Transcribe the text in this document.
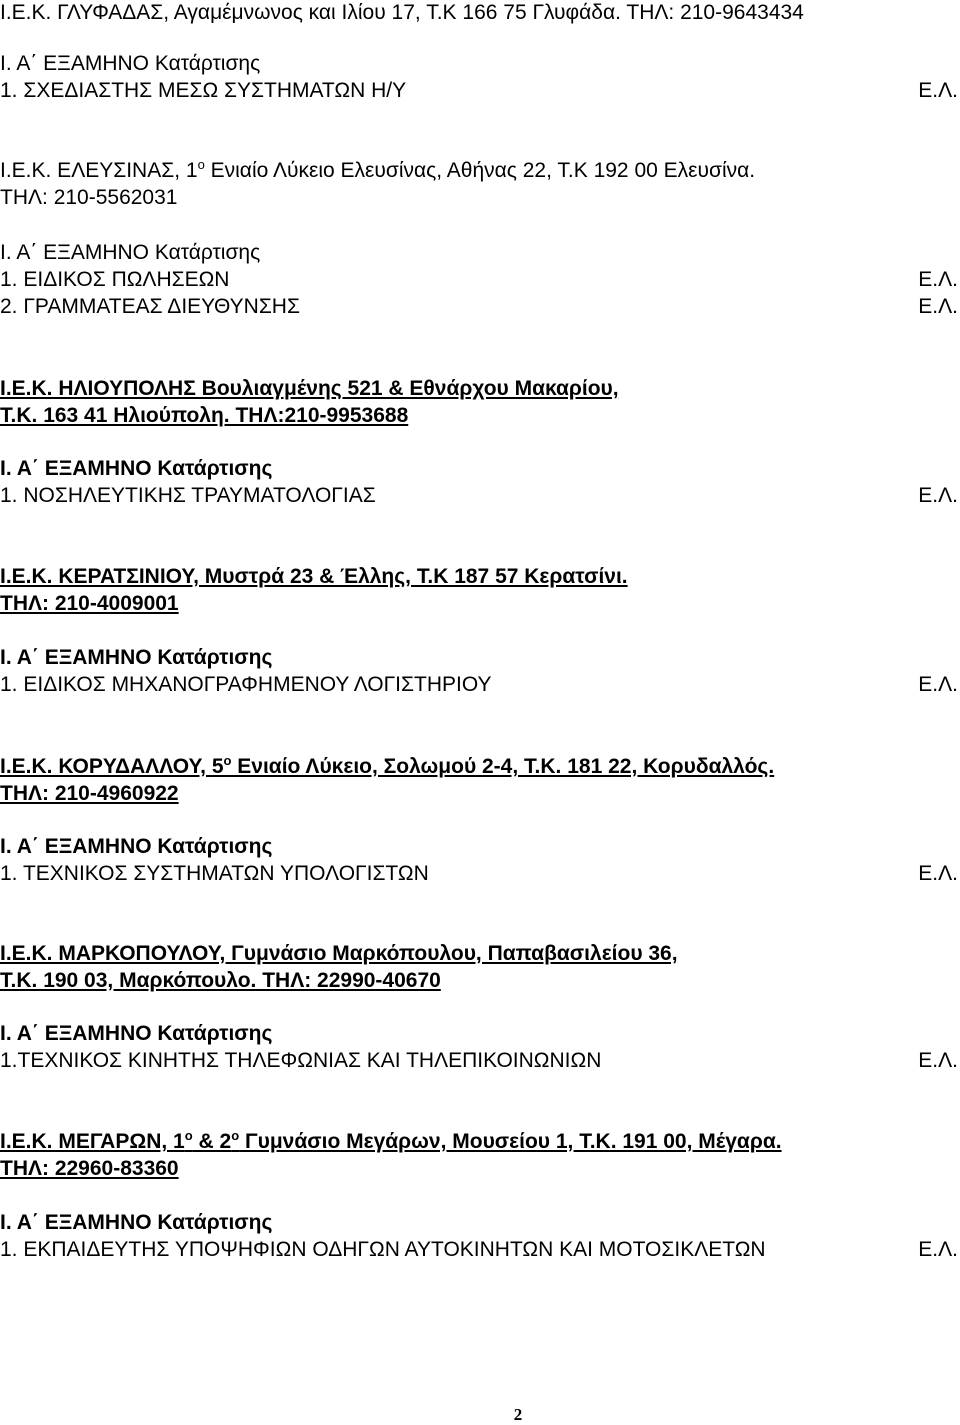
Ι.Ε.Κ. ΓΛΥΦΑΔΑΣ, Αγαμέμνωνος και Ιλίου 17, Τ.Κ 166 75 Γλυφάδα. ΤΗΛ: 210-9643434
Ι. Α΄ ΕΞΑΜΗΝΟ Κατάρτισης
1. ΣΧΕΔΙΑΣΤΗΣ ΜΕΣΩ ΣΥΣΤΗΜΑΤΩΝ Η/Υ	Ε.Λ.
Ι.Ε.Κ. ΕΛΕΥΣΙΝΑΣ, $1^o$ Ενιαίο Λύκειο Ελευσίνας, Αθήνας 22, Τ.Κ 192 00 Ελευσίνα.
ΤΗΛ: 210-5562031
Ι. Α΄ ΕΞΑΜΗΝΟ Κατάρτισης
1. ΕΙΔΙΚΟΣ ΠΩΛΗΣΕΩΝ	Ε.Λ.
2. ΓΡΑΜΜΑΤΕΑΣ ΔΙΕΥΘΥΝΣΗΣ	Ε.Λ.
Ι.Ε.Κ. ΗΛΙΟΥΠΟΛΗΣ Βουλιαγμένης 521 & Εθνάρχου Μακαρίου,
Τ.Κ. 163 41 Ηλιούπολη. ΤΗΛ:210-9953688
Ι. Α΄ ΕΞΑΜΗΝΟ Κατάρτισης
1. ΝΟΣΗΛΕΥΤΙΚΗΣ ΤΡΑΥΜΑΤΟΛΟΓΙΑΣ	Ε.Λ.
Ι.Ε.Κ. ΚΕΡΑΤΣΙΝΙΟΥ, Μυστρά 23 & Έλλης, Τ.Κ 187 57 Κερατσίνι.
ΤΗΛ: 210-4009001
Ι. Α΄ ΕΞΑΜΗΝΟ Κατάρτισης
1. ΕΙΔΙΚΟΣ ΜΗΧΑΝΟΓΡΑΦΗΜΕΝΟΥ ΛΟΓΙΣΤΗΡΙΟΥ	Ε.Λ.
Ι.Ε.Κ. ΚΟΡΥΔΑΛΛΟΥ, $5^o$ Ενιαίο Λύκειο, Σολωμού 2-4, Τ.Κ. 181 22, Κορυδαλλός.
ΤΗΛ: 210-4960922
Ι. Α΄ ΕΞΑΜΗΝΟ Κατάρτισης
1. ΤΕΧΝΙΚΟΣ ΣΥΣΤΗΜΑΤΩΝ ΥΠΟΛΟΓΙΣΤΩΝ	Ε.Λ.
Ι.Ε.Κ. ΜΑΡΚΟΠΟΥΛΟΥ, Γυμνάσιο Μαρκόπουλου, Παπαβασιλείου 36,
Τ.Κ. 190 03, Μαρκόπουλο. ΤΗΛ: 22990-40670
Ι. Α΄ ΕΞΑΜΗΝΟ Κατάρτισης
1.ΤΕΧΝΙΚΟΣ ΚΙΝΗΤΗΣ ΤΗΛΕΦΩΝΙΑΣ ΚΑΙ ΤΗΛΕΠΙΚΟΙΝΩΝΙΩΝ	Ε.Λ.
Ι.Ε.Κ. ΜΕΓΑΡΩΝ, $1^o$ & $2^o$ Γυμνάσιο Μεγάρων, Μουσείου 1, Τ.Κ. 191 00, Μέγαρα.
ΤΗΛ: 22960-83360
Ι. Α΄ ΕΞΑΜΗΝΟ Κατάρτισης
1. ΕΚΠΑΙΔΕΥΤΗΣ ΥΠΟΨΗΦΙΩΝ ΟΔΗΓΩΝ ΑΥΤΟΚΙΝΗΤΩΝ ΚΑΙ ΜΟΤΟΣΙΚΛΕΤΩΝ	Ε.Λ.
2
